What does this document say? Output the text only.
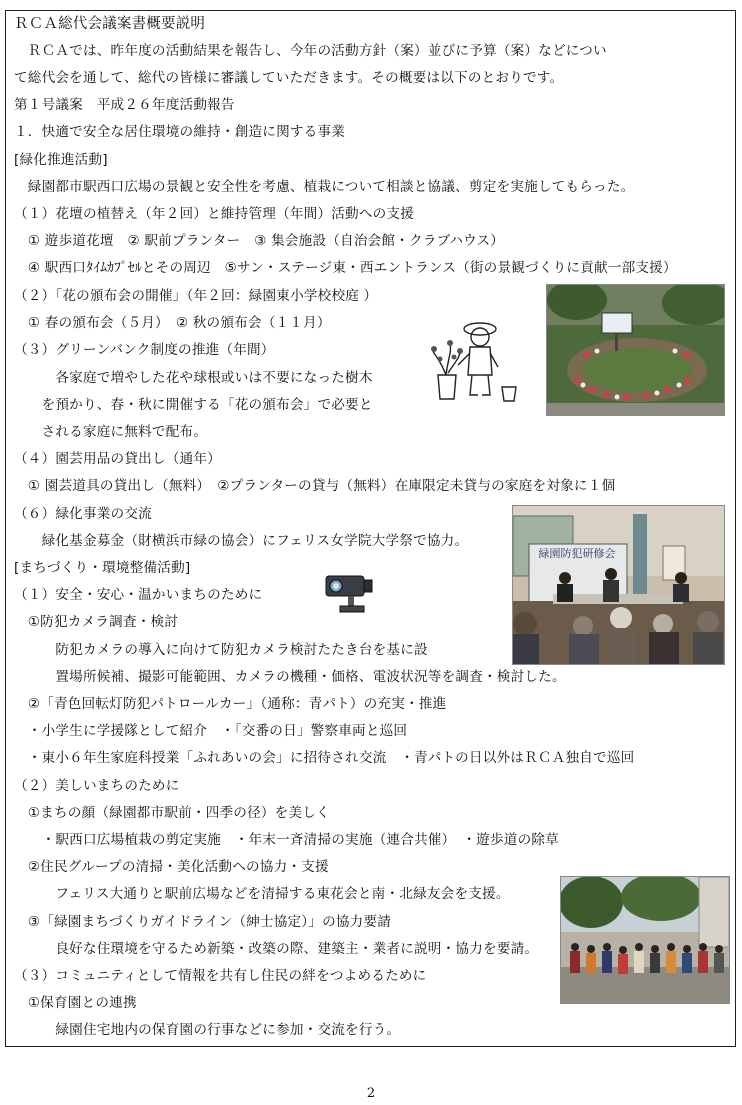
ＲＣＡ総代会議案書概要説明
　ＲＣＡでは、昨年度の活動結果を報告し、今年の活動方針（案）並びに予算（案）などについ
て総代会を通して、総代の皆様に審議していただきます。その概要は以下のとおりです。
第１号議案　平成２６年度活動報告
１．快適で安全な居住環境の維持・創造に関する事業
[緑化推進活動]
　緑園都市駅西口広場の景観と安全性を考慮、植栽について相談と協議、剪定を実施してもらった。
（１）花壇の植替え（年２回）と維持管理（年間）活動への支援
　① 遊歩道花壇　② 駅前プランター　③ 集会施設（自治会館・クラブハウス）
　④ 駅西口ﾀｲﾑｶﾌﾟｾﾙとその周辺　⑤サン・ステージ東・西エントランス（街の景観づくりに貢献一部支援）
（２）「花の頒布会の開催」（年２回：緑園東小学校校庭 ）
　① 春の頒布会（５月）　② 秋の頒布会（１１月）
（３）グリーンバンク制度の推進（年間）
　　　各家庭で増やした花や球根或いは不要になった樹木
　　を預かり、春・秋に開催する「花の頒布会」で必要と
　　される家庭に無料で配布。
（４）園芸用品の貸出し（通年）
　① 園芸道具の貸出し（無料）　②プランターの貸与（無料）在庫限定未貸与の家庭を対象に１個
（６）緑化事業の交流
　　緑化基金募金（財横浜市緑の協会）にフェリス女学院大学祭で協力。
[まちづくり・環境整備活動]
（１）安全・安心・温かいまちのために
　①防犯カメラ調査・検討
　　　防犯カメラの導入に向けて防犯カメラ検討たたき台を基に設
　　　置場所候補、撮影可能範囲、カメラの機種・価格、電波状況等を調査・検討した。
　②「青色回転灯防犯パトロールカー」（通称：青パト）の充実・推進
　・小学生に学援隊として紹介　・「交番の日」警察車両と巡回
　・東小６年生家庭科授業「ふれあいの会」に招待され交流　・青パトの日以外はＲＣＡ独自で巡回
（２）美しいまちのために
　①まちの顔（緑園都市駅前・四季の径）を美しく
　　・駅西口広場植栽の剪定実施　・年末一斉清掃の実施（連合共催）　・遊歩道の除草
　②住民グループの清掃・美化活動への協力・支援
　　　フェリス大通りと駅前広場などを清掃する東花会と南・北緑友会を支援。
　③「緑園まちづくりガイドライン（紳士協定）」の協力要請
　　　良好な住環境を守るため新築・改築の際、建築主・業者に説明・協力を要請。
（３）コミュニティとして情報を共有し住民の絆をつよめるために
　①保育園との連携
　　　緑園住宅地内の保育園の行事などに参加・交流を行う。
緑園防犯研修会
2
